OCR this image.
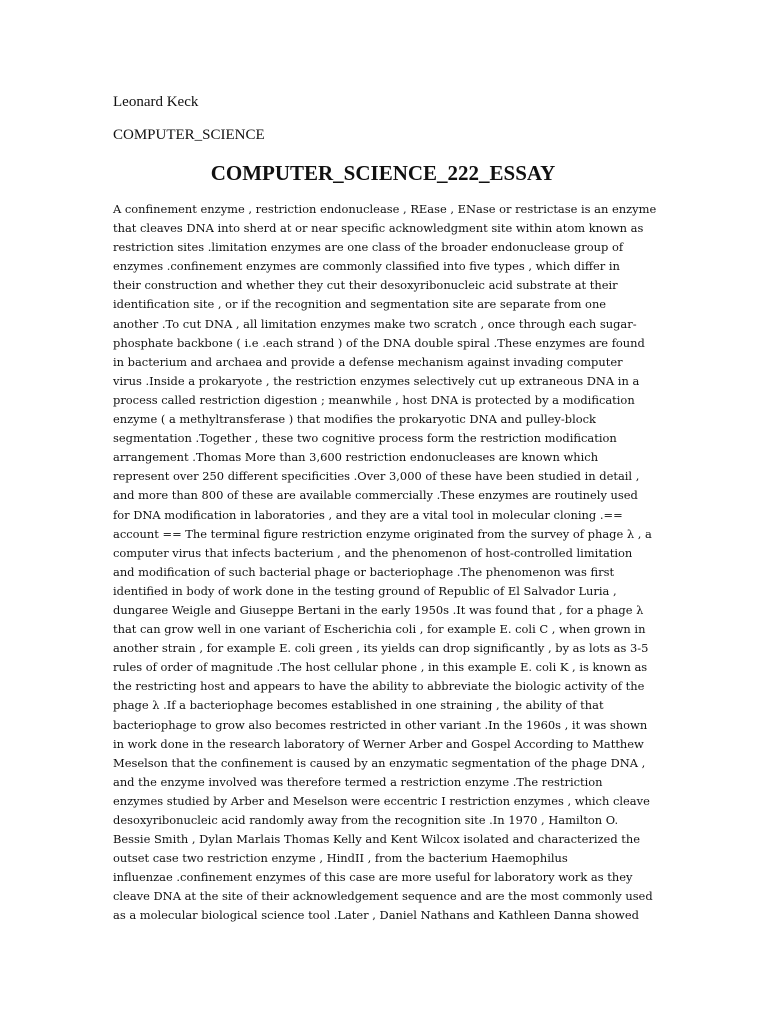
Leonard Keck

COMPUTER_SCIENCE

COMPUTER_SCIENCE_222_ESSAY
A confinement enzyme , restriction endonuclease , REase , ENase or restrictase is an enzyme
that cleaves DNA into sherd at or near specific acknowledgment site within atom known as
restriction sites .limitation enzymes are one class of the broader endonuclease group of
enzymes .confinement enzymes are commonly classified into five types , which differ in
their construction and whether they cut their desoxyribonucleic acid substrate at their
identification site , or if the recognition and segmentation site are separate from one
another .To cut DNA , all limitation enzymes make two scratch , once through each sugar-
phosphate backbone ( i.e .each strand ) of the DNA double spiral .These enzymes are found
in bacterium and archaea and provide a defense mechanism against invading computer
virus .Inside a prokaryote , the restriction enzymes selectively cut up extraneous DNA in a
process called restriction digestion ; meanwhile , host DNA is protected by a modification
enzyme ( a methyltransferase ) that modifies the prokaryotic DNA and pulley-block
segmentation .Together , these two cognitive process form the restriction modification
arrangement .Thomas More than 3,600 restriction endonucleases are known which
represent over 250 different specificities .Over 3,000 of these have been studied in detail ,
and more than 800 of these are available commercially .These enzymes are routinely used
for DNA modification in laboratories , and they are a vital tool in molecular cloning .==
account == The terminal figure restriction enzyme originated from the survey of phage λ , a
computer virus that infects bacterium , and the phenomenon of host-controlled limitation
and modification of such bacterial phage or bacteriophage .The phenomenon was first
identified in body of work done in the testing ground of Republic of El Salvador Luria ,
dungaree Weigle and Giuseppe Bertani in the early 1950s .It was found that , for a phage λ
that can grow well in one variant of Escherichia coli , for example E. coli C , when grown in
another strain , for example E. coli green , its yields can drop significantly , by as lots as 3-5
rules of order of magnitude .The host cellular phone , in this example E. coli K , is known as
the restricting host and appears to have the ability to abbreviate the biologic activity of the
phage λ .If a bacteriophage becomes established in one straining , the ability of that
bacteriophage to grow also becomes restricted in other variant .In the 1960s , it was shown
in work done in the research laboratory of Werner Arber and Gospel According to Matthew
Meselson that the confinement is caused by an enzymatic segmentation of the phage DNA ,
and the enzyme involved was therefore termed a restriction enzyme .The restriction
enzymes studied by Arber and Meselson were eccentric I restriction enzymes , which cleave
desoxyribonucleic acid randomly away from the recognition site .In 1970 , Hamilton O.
Bessie Smith , Dylan Marlais Thomas Kelly and Kent Wilcox isolated and characterized the
outset case two restriction enzyme , HindII , from the bacterium Haemophilus
influenzae .confinement enzymes of this case are more useful for laboratory work as they
cleave DNA at the site of their acknowledgement sequence and are the most commonly used
as a molecular biological science tool .Later , Daniel Nathans and Kathleen Danna showed
